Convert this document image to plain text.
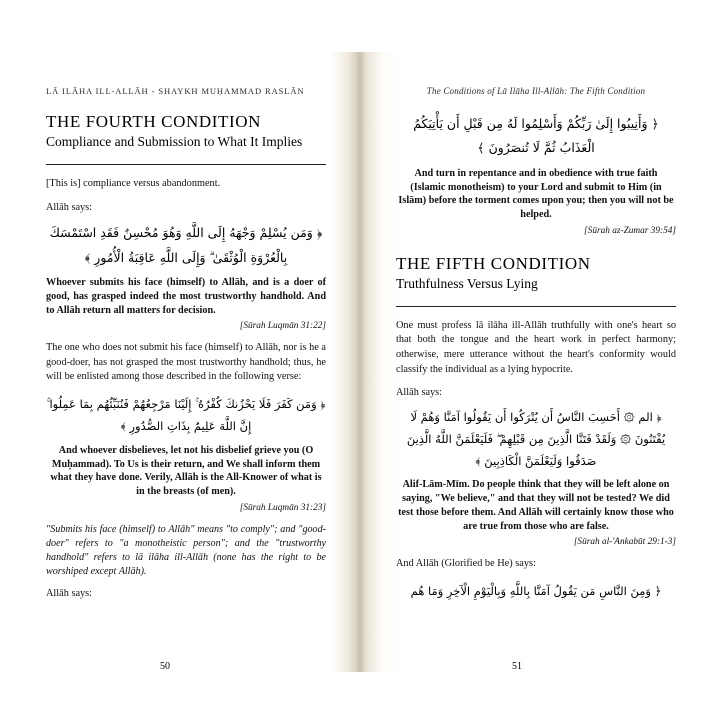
LĀ ILĀHA ILL-ALLĀH - SHAYKH MUḤAMMAD RASLĀN
THE FOURTH CONDITION
Compliance and Submission to What It Implies

[This is] compliance versus abandonment.

Allāh says:

﴿ وَمَن يُسْلِمْ وَجْهَهُ إِلَى اللَّهِ وَهُوَ مُحْسِنٌ فَقَدِ اسْتَمْسَكَ بِالْعُرْوَةِ الْوُثْقَىٰ ۗ وَإِلَى اللَّهِ عَاقِبَةُ الْأُمُورِ ﴾

Whoever submits his face (himself) to Allāh, and is a doer of good, has grasped indeed the most trustworthy handhold. And to Allāh return all matters for decision.

[Sūrah Luqmān 31:22]

The one who does not submit his face (himself) to Allāh, nor is he a good-doer, has not grasped the most trustworthy handhold; thus, he will be enlisted among those described in the following verse:

﴿ وَمَن كَفَرَ فَلَا يَحْزُنكَ كُفْرُهُ ۚ إِلَيْنَا مَرْجِعُهُمْ فَنُنَبِّئُهُم بِمَا عَمِلُوا ۚ إِنَّ اللَّهَ عَلِيمٌ بِذَاتِ الصُّدُورِ ﴾

And whoever disbelieves, let not his disbelief grieve you (O Muḥammad). To Us is their return, and We shall inform them what they have done. Verily, Allāh is the All-Knower of what is in the breasts (of men).

[Sūrah Luqmān 31:23]

"Submits his face (himself) to Allāh" means "to comply"; and "good-doer" refers to "a monotheistic person"; and the "trustworthy handhold" refers to lā ilāha ill-Allāh (none has the right to be worshiped except Allāh).

Allāh says:

The Conditions of Lā Ilāha Ill-Allāh: The Fifth Condition
﴿ وَأَنِيبُوا إِلَىٰ رَبِّكُمْ وَأَسْلِمُوا لَهُ مِن قَبْلِ أَن يَأْتِيَكُمُ الْعَذَابُ ثُمَّ لَا تُنصَرُونَ ﴾

And turn in repentance and in obedience with true faith (Islamic monotheism) to your Lord and submit to Him (in Islām) before the torment comes upon you; then you will not be helped.

[Sūrah az-Zumar 39:54]
THE FIFTH CONDITION
Truthfulness Versus Lying

One must profess lā ilāha ill-Allāh truthfully with one's heart so that both the tongue and the heart work in perfect harmony; otherwise, mere utterance without the heart's conformity would classify the individual as a lying hypocrite.

Allāh says:

﴿ الم ۞ أَحَسِبَ النَّاسُ أَن يُتْرَكُوا أَن يَقُولُوا آمَنَّا وَهُمْ لَا يُفْتَنُونَ ۞ وَلَقَدْ فَتَنَّا الَّذِينَ مِن قَبْلِهِمْ ۖ فَلَيَعْلَمَنَّ اللَّهُ الَّذِينَ صَدَقُوا وَلَيَعْلَمَنَّ الْكَاذِبِينَ ﴾

Alif-Lām-Mīm. Do people think that they will be left alone on saying, "We believe," and that they will not be tested? We did test those before them. And Allāh will certainly know those who are true from those who are false.

[Sūrah al-'Ankabūt 29:1-3]

And Allāh (Glorified be He) says:

﴿ وَمِنَ النَّاسِ مَن يَقُولُ آمَنَّا بِاللَّهِ وَبِالْيَوْمِ الْآخِرِ وَمَا هُم
50	51
